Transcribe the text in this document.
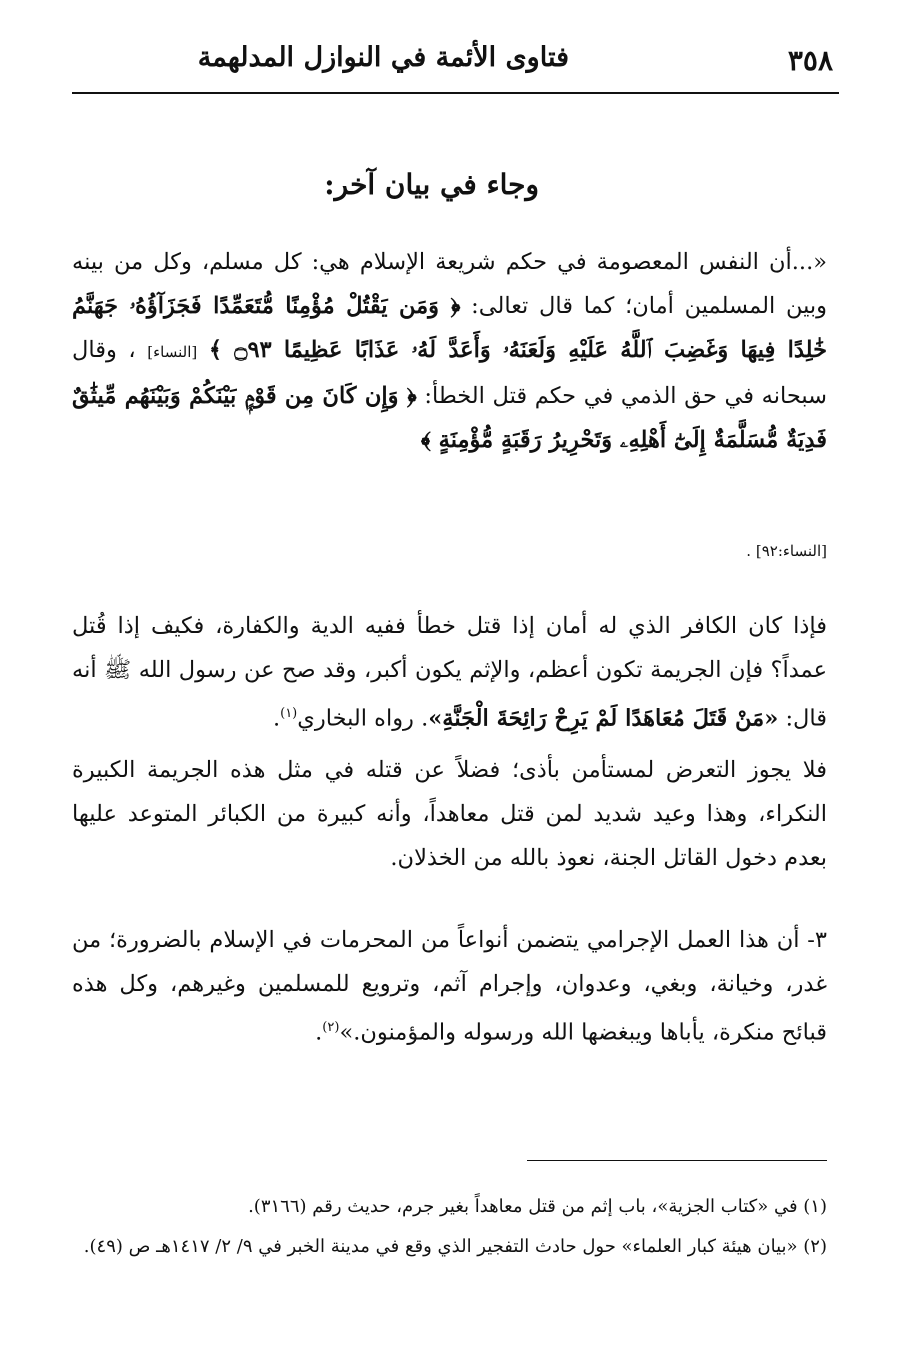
٣٥٨
فتاوى الأئمة في النوازل المدلهمة
وجاء في بيان آخر:
«...أن النفس المعصومة في حكم شريعة الإسلام هي: كل مسلم، وكل من بينه وبين المسلمين أمان؛ كما قال تعالى: ﴿ وَمَن يَقْتُلْ مُؤْمِنًا مُّتَعَمِّدًا فَجَزَآؤُهُۥ جَهَنَّمُ خَٰلِدًا فِيهَا وَغَضِبَ ٱللَّهُ عَلَيْهِ وَلَعَنَهُۥ وَأَعَدَّ لَهُۥ عَذَابًا عَظِيمًا ۝٩٣ ﴾ [النساء] ، وقال سبحانه في حق الذمي في حكم قتل الخطأ: ﴿ وَإِن كَانَ مِن قَوْمٍۭ بَيْنَكُمْ وَبَيْنَهُم مِّيثَٰقٌ فَدِيَةٌ مُّسَلَّمَةٌ إِلَىٰٓ أَهْلِهِۦ وَتَحْرِيرُ رَقَبَةٍ مُّؤْمِنَةٍ ﴾
[النساء:٩٢] .
فإذا كان الكافر الذي له أمان إذا قتل خطأ ففيه الدية والكفارة، فكيف إذا قُتل عمداً؟ فإن الجريمة تكون أعظم، والإثم يكون أكبر، وقد صح عن رسول الله ﷺ أنه قال: «مَنْ قَتَلَ مُعَاهَدًا لَمْ يَرِحْ رَائِحَةَ الْجَنَّةِ». رواه البخاري$^{(١)}$.
فلا يجوز التعرض لمستأمن بأذى؛ فضلاً عن قتله في مثل هذه الجريمة الكبيرة النكراء، وهذا وعيد شديد لمن قتل معاهداً، وأنه كبيرة من الكبائر المتوعد عليها بعدم دخول القاتل الجنة، نعوذ بالله من الخذلان.
٣- أن هذا العمل الإجرامي يتضمن أنواعاً من المحرمات في الإسلام بالضرورة؛ من غدر، وخيانة، وبغي، وعدوان، وإجرام آثم، وترويع للمسلمين وغيرهم، وكل هذه قبائح منكرة، يأباها ويبغضها الله ورسوله والمؤمنون.»$^{(٢)}$.
(١) في «كتاب الجزية»، باب إثم من قتل معاهداً بغير جرم، حديث رقم (٣١٦٦).
(٢) «بيان هيئة كبار العلماء» حول حادث التفجير الذي وقع في مدينة الخبر في ٩/ ٢/ ١٤١٧هـ ص (٤٩).
